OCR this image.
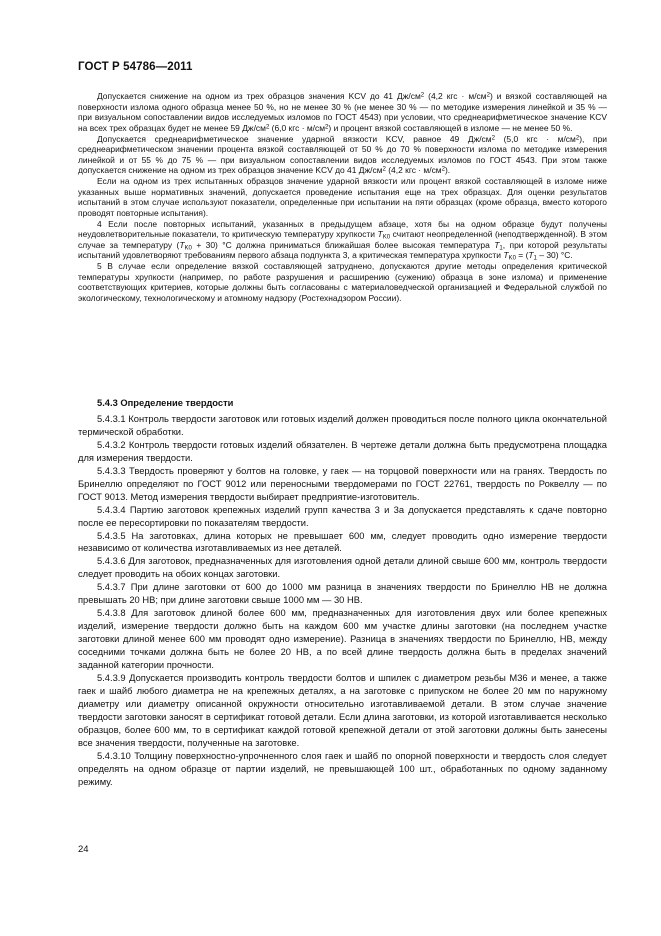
ГОСТ Р 54786—2011

Допускается снижение на одном из трех образцов значения KCV до 41 $Дж/см^2$ (4,2 кгс · $м/см^2$) и вязкой составляющей на поверхности излома одного образца менее 50 %, но не менее 30 % (не менее 30 % — по методике измерения линейкой и 35 % — при визуальном сопоставлении видов исследуемых изломов по ГОСТ 4543) при условии, что среднеарифметическое значение KCV на всех трех образцах будет не менее 59 $Дж/см^2$ (6,0 кгс · $м/см^2$) и процент вязкой составляющей в изломе — не менее 50 %.

Допускается среднеарифметическое значение ударной вязкости KCV, равное 49 $Дж/см^2$ (5,0 кгс · $м/см^2$), при среднеарифметическом значении процента вязкой составляющей от 50 % до 70 % поверхности излома по методике измерения линейкой и от 55 % до 75 % — при визуальном сопоставлении видов исследуемых изломов по ГОСТ 4543. При этом также допускается снижение на одном из трех образцов значение KCV до 41 $Дж/см^2$ (4,2 кгс · $м/см^2$).

Если на одном из трех испытанных образцов значение ударной вязкости или процент вязкой составляющей в изломе ниже указанных выше нормативных значений, допускается проведение испытания еще на трех образцах. Для оценки результатов испытаний в этом случае используют показатели, определенные при испытании на пяти образцах (кроме образца, вместо которого проводят повторные испытания).

4 Если после повторных испытаний, указанных в предыдущем абзаце, хотя бы на одном образце будут получены неудовлетворительные показатели, то критическую температуру хрупкости $T_{K0}$ считают неопределенной (неподтвержденной). В этом случае за температуру $(T_{K0} + 30)$ °С должна приниматься ближайшая более высокая температура $T_1$, при которой результаты испытаний удовлетворяют требованиям первого абзаца подпункта 3, а критическая температура хрупкости $T_{K0} = (T_1 - 30)$ °С.

5 В случае если определение вязкой составляющей затруднено, допускаются другие методы определения критической температуры хрупкости (например, по работе разрушения и расширению (сужению) образца в зоне излома) и применение соответствующих критериев, которые должны быть согласованы с материаловедческой организацией и Федеральной службой по экологическому, технологическому и атомному надзору (Ростехнадзором России).

5.4.3 Определение твердости

5.4.3.1 Контроль твердости заготовок или готовых изделий должен проводиться после полного цикла окончательной термической обработки.

5.4.3.2 Контроль твердости готовых изделий обязателен. В чертеже детали должна быть предусмотрена площадка для измерения твердости.

5.4.3.3 Твердость проверяют у болтов на головке, у гаек — на торцовой поверхности или на гранях. Твердость по Бринеллю определяют по ГОСТ 9012 или переносными твердомерами по ГОСТ 22761, твердость по Роквеллу — по ГОСТ 9013. Метод измерения твердости выбирает предприятие-изготовитель.

5.4.3.4 Партию заготовок крепежных изделий групп качества 3 и 3а допускается представлять к сдаче повторно после ее пересортировки по показателям твердости.

5.4.3.5 На заготовках, длина которых не превышает 600 мм, следует проводить одно измерение твердости независимо от количества изготавливаемых из нее деталей.

5.4.3.6 Для заготовок, предназначенных для изготовления одной детали длиной свыше 600 мм, контроль твердости следует проводить на обоих концах заготовки.

5.4.3.7 При длине заготовки от 600 до 1000 мм разница в значениях твердости по Бринеллю НВ не должна превышать 20 НВ; при длине заготовки свыше 1000 мм — 30 НВ.

5.4.3.8 Для заготовок длиной более 600 мм, предназначенных для изготовления двух или более крепежных изделий, измерение твердости должно быть на каждом 600 мм участке длины заготовки (на последнем участке заготовки длиной менее 600 мм проводят одно измерение). Разница в значениях твердости по Бринеллю, НВ, между соседними точками должна быть не более 20 НВ, а по всей длине твердость должна быть в пределах значений заданной категории прочности.

5.4.3.9 Допускается производить контроль твердости болтов и шпилек с диаметром резьбы М36 и менее, а также гаек и шайб любого диаметра не на крепежных деталях, а на заготовке с припуском не более 20 мм по наружному диаметру или диаметру описанной окружности относительно изготавливаемой детали. В этом случае значение твердости заготовки заносят в сертификат готовой детали. Если длина заготовки, из которой изготавливается несколько образцов, более 600 мм, то в сертификат каждой готовой крепежной детали от этой заготовки должны быть занесены все значения твердости, полученные на заготовке.

5.4.3.10 Толщину поверхностно-упрочненного слоя гаек и шайб по опорной поверхности и твердость слоя следует определять на одном образце от партии изделий, не превышающей 100 шт., обработанных по одному заданному режиму.

24
